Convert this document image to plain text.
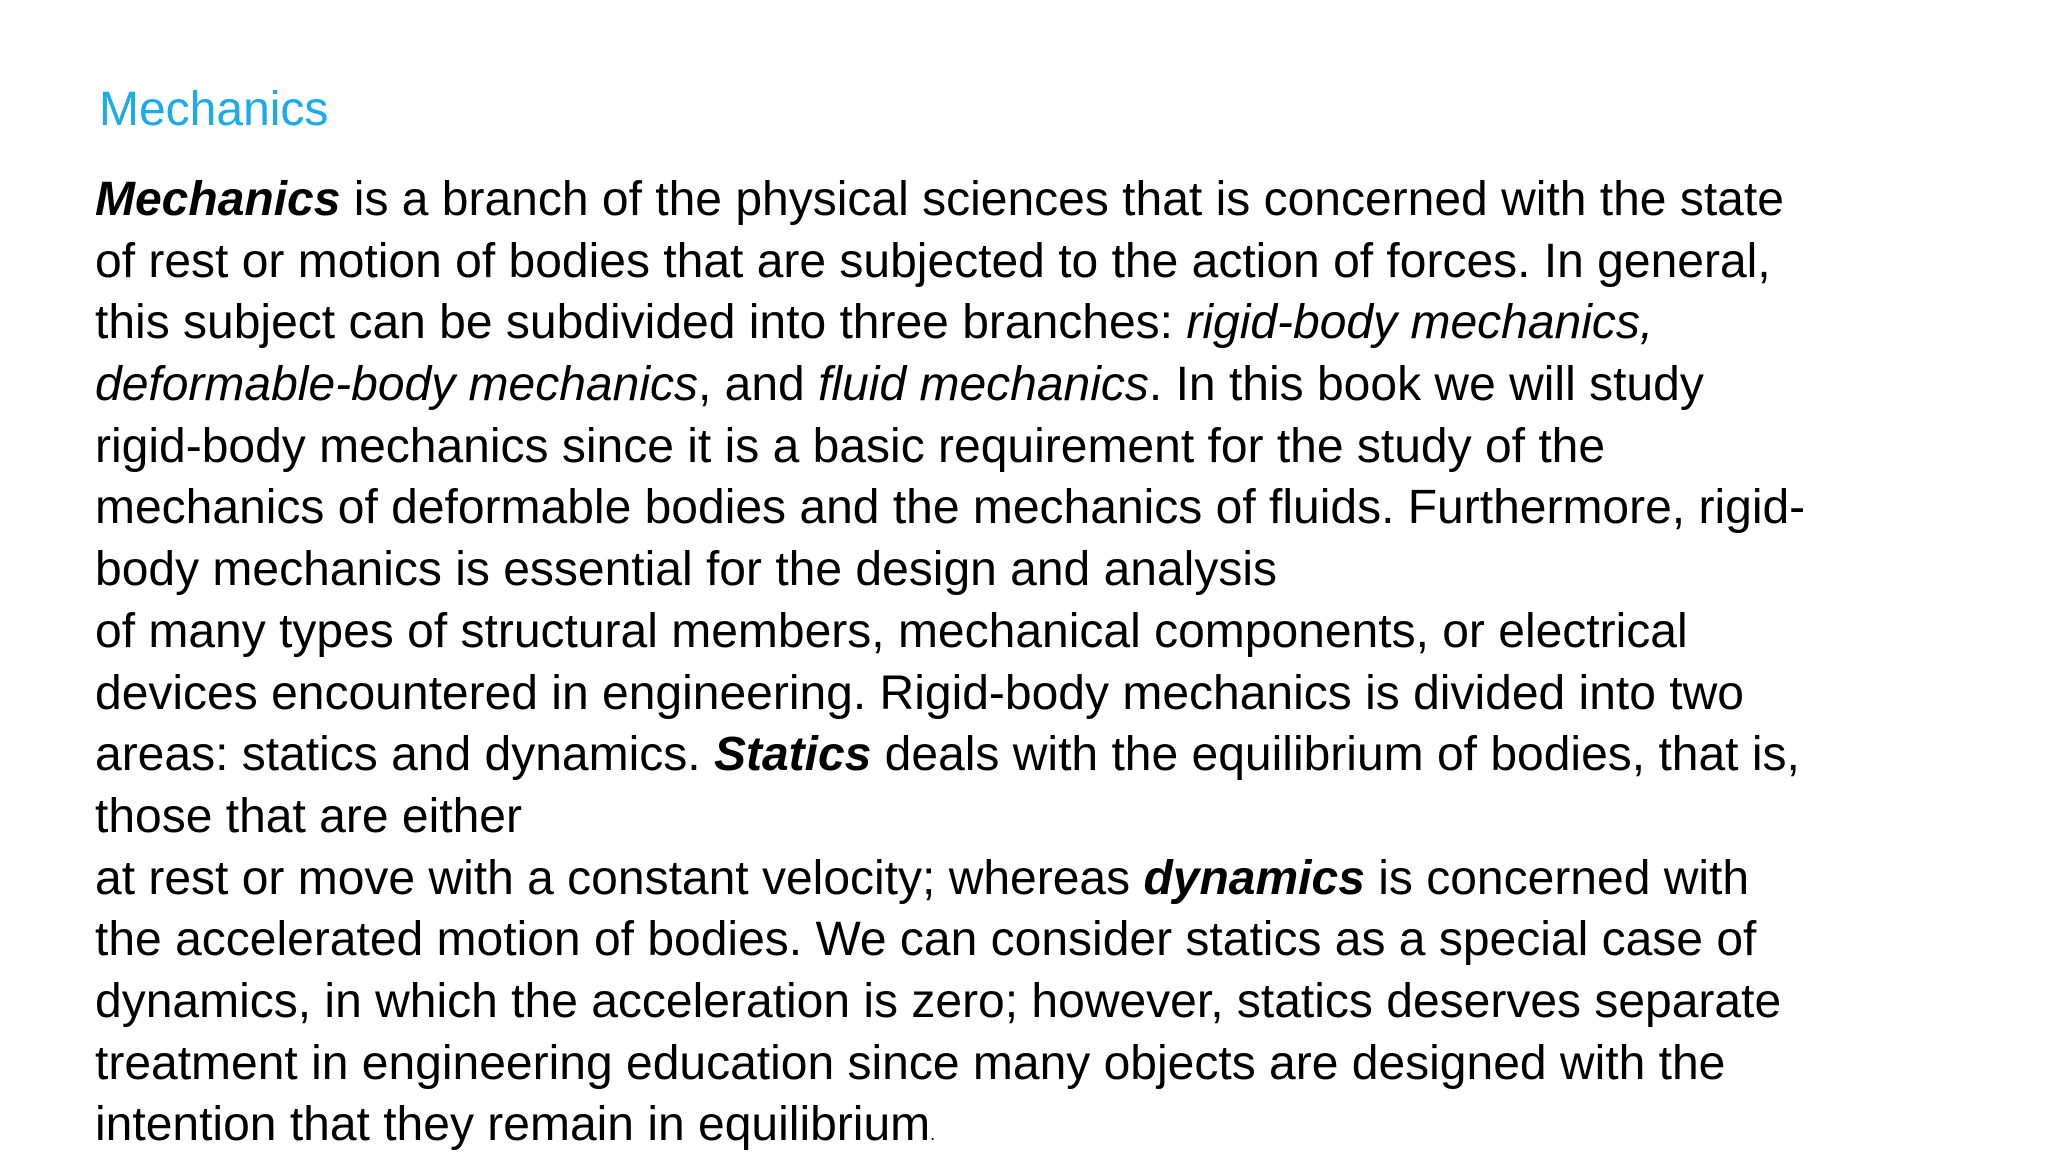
Mechanics
Mechanics is a branch of the physical sciences that is concerned with the state
of rest or motion of bodies that are subjected to the action of forces. In general,
this subject can be subdivided into three branches: rigid-body mechanics,
deformable-body mechanics, and fluid mechanics. In this book we will study
rigid-body mechanics since it is a basic requirement for the study of the
mechanics of deformable bodies and the mechanics of fluids. Furthermore, rigid-
body mechanics is essential for the design and analysis
of many types of structural members, mechanical components, or electrical
devices encountered in engineering. Rigid-body mechanics is divided into two
areas: statics and dynamics. Statics deals with the equilibrium of bodies, that is,
those that are either
at rest or move with a constant velocity; whereas dynamics is concerned with
the accelerated motion of bodies. We can consider statics as a special case of
dynamics, in which the acceleration is zero; however, statics deserves separate
treatment in engineering education since many objects are designed with the
intention that they remain in equilibrium.
